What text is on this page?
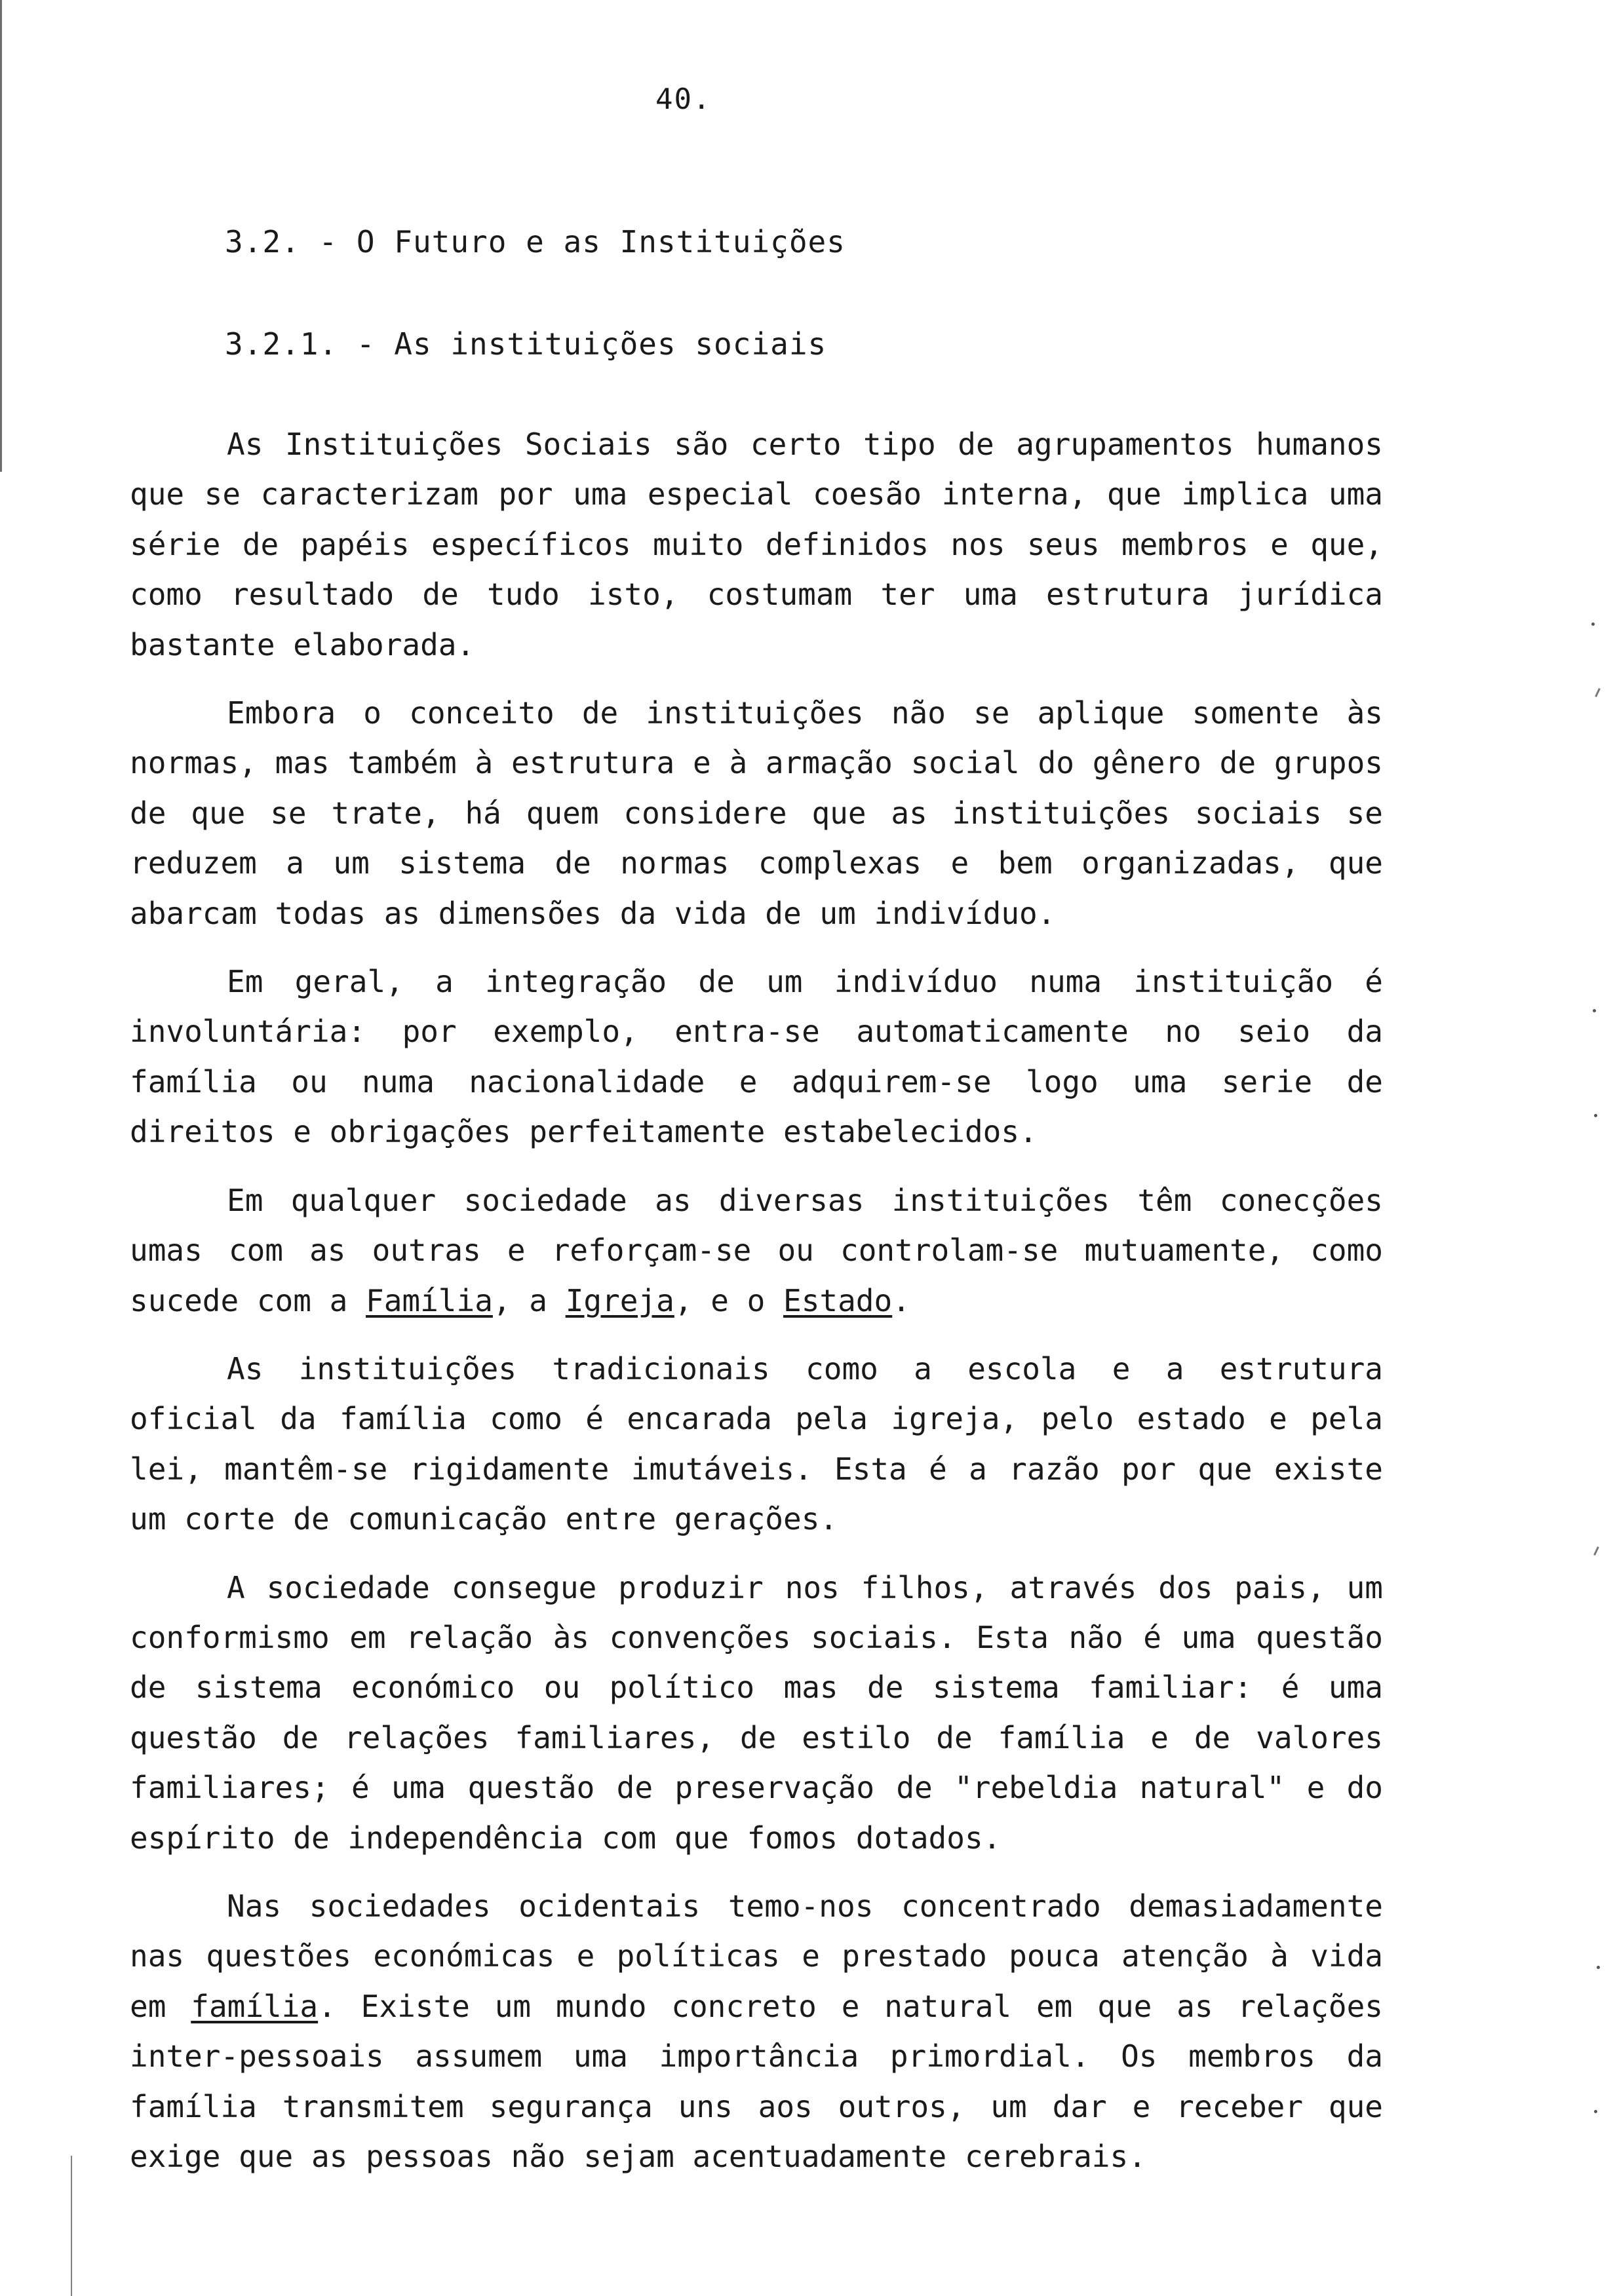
40.
3.2. - O Futuro e as Instituições
3.2.1. - As instituições sociais

As Instituições Sociais são certo tipo de agrupamentos humanos que se caracterizam por uma especial coesão interna, que implica uma série de papéis específicos muito definidos nos seus membros e que, como resultado de tudo isto, costumam ter uma estrutura jurídica bastante elaborada.

Embora o conceito de instituições não se aplique somente às normas, mas também à estrutura e à armação social do gênero de grupos de que se trate, há quem considere que as instituições sociais se reduzem a um sistema de normas complexas e bem organizadas, que abarcam todas as dimensões da vida de um indivíduo.

Em geral, a integração de um indivíduo numa instituição é involuntária: por exemplo, entra-se automaticamente no seio da família ou numa nacionalidade e adquirem-se logo uma serie de direitos e obrigações perfeitamente estabelecidos.

Em qualquer sociedade as diversas instituições têm conecções umas com as outras e reforçam-se ou controlam-se mutuamente, como sucede com a Família, a Igreja, e o Estado.

As instituições tradicionais como a escola e a estrutura oficial da família como é encarada pela igreja, pelo estado e pela lei, mantêm-se rigidamente imutáveis. Esta é a razão por que existe um corte de comunicação entre gerações.

A sociedade consegue produzir nos filhos, através dos pais, um conformismo em relação às convenções sociais. Esta não é uma questão de sistema económico ou político mas de sistema familiar: é uma questão de relações familiares, de estilo de família e de valores familiares; é uma questão de preservação de "rebeldia natural" e do espírito de independência com que fomos dotados.

Nas sociedades ocidentais temo-nos concentrado demasiadamente nas questões económicas e políticas e prestado pouca atenção à vida em família. Existe um mundo concreto e natural em que as relações inter-pessoais assumem uma importância primordial. Os membros da família transmitem segurança uns aos outros, um dar e receber que exige que as pessoas não sejam acentuadamente cerebrais.
